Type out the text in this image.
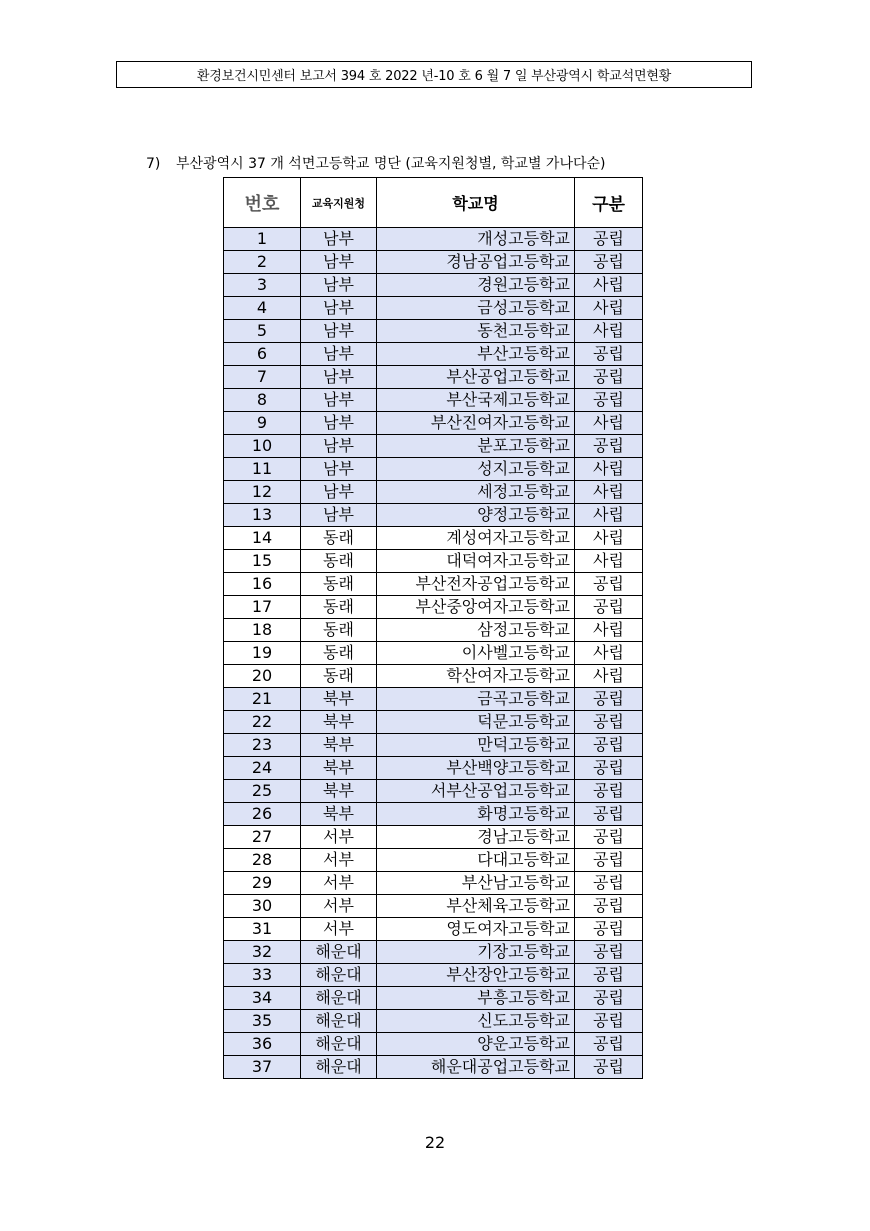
환경보건시민센터 보고서 394 호 2022 년-10 호 6 월 7 일 부산광역시 학교석면현황
7) 부산광역시 37 개 석면고등학교 명단 (교육지원청별, 학교별 가나다순)
번호	교육지원청	학교명	구분
1	남부	개성고등학교	공립
2	남부	경남공업고등학교	공립
3	남부	경원고등학교	사립
4	남부	금성고등학교	사립
5	남부	동천고등학교	사립
6	남부	부산고등학교	공립
7	남부	부산공업고등학교	공립
8	남부	부산국제고등학교	공립
9	남부	부산진여자고등학교	사립
10	남부	분포고등학교	공립
11	남부	성지고등학교	사립
12	남부	세정고등학교	사립
13	남부	양정고등학교	사립
14	동래	계성여자고등학교	사립
15	동래	대덕여자고등학교	사립
16	동래	부산전자공업고등학교	공립
17	동래	부산중앙여자고등학교	공립
18	동래	삼정고등학교	사립
19	동래	이사벨고등학교	사립
20	동래	학산여자고등학교	사립
21	북부	금곡고등학교	공립
22	북부	덕문고등학교	공립
23	북부	만덕고등학교	공립
24	북부	부산백양고등학교	공립
25	북부	서부산공업고등학교	공립
26	북부	화명고등학교	공립
27	서부	경남고등학교	공립
28	서부	다대고등학교	공립
29	서부	부산남고등학교	공립
30	서부	부산체육고등학교	공립
31	서부	영도여자고등학교	공립
32	해운대	기장고등학교	공립
33	해운대	부산장안고등학교	공립
34	해운대	부흥고등학교	공립
35	해운대	신도고등학교	공립
36	해운대	양운고등학교	공립
37	해운대	해운대공업고등학교	공립
22
